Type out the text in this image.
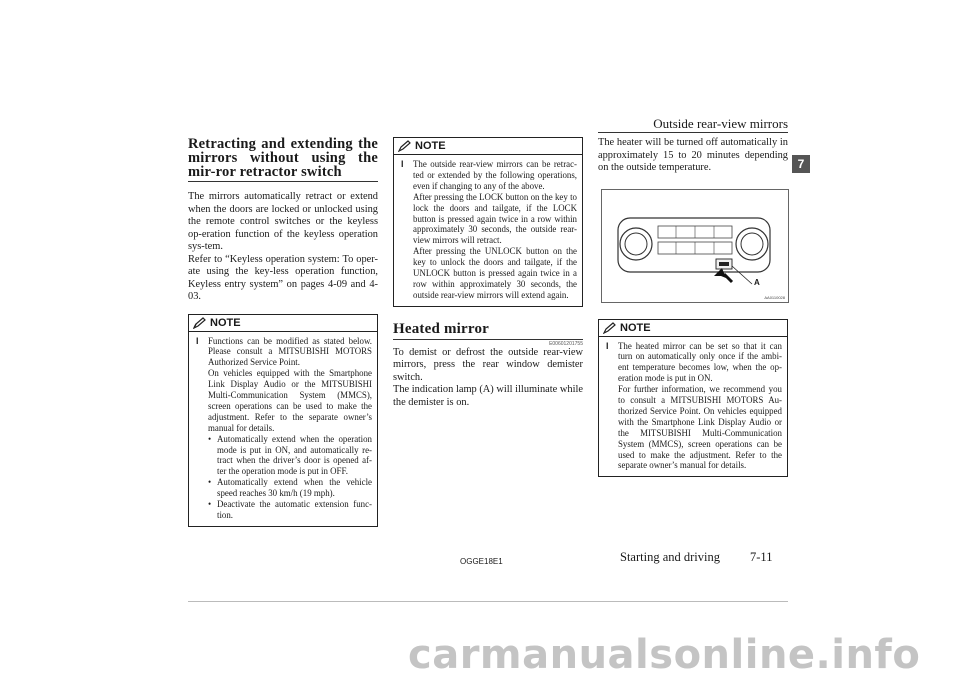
Outside rear-view mirrors
7
Retracting and extending the mirrors without using the mir-ror retractor switch

The mirrors automatically retract or extend when the doors are locked or unlocked using the remote control switches or the keyless op-eration function of the keyless operation sys-tem.

Refer to “Keyless operation system: To oper-ate using the key-less operation function, Keyless entry system” on pages 4-09 and 4-03.

NOTE
l	Functions can be modified as stated below. Please consult a MITSUBISHI MOTORS Authorized Service Point.

On vehicles equipped with the Smartphone Link Display Audio or the MITSUBISHI Multi-Communication System (MMCS), screen operations can be used to make the adjustment. Refer to the separate owner’s manual for details.

• Automatically extend when the operation mode is put in ON, and automatically re-tract when the driver’s door is opened af-ter the operation mode is put in OFF.
• Automatically extend when the vehicle speed reaches 30 km/h (19 mph).
• Deactivate the automatic extension func-tion.
NOTE
l	The outside rear-view mirrors can be retrac-ted or extended by the following operations, even if changing to any of the above.

After pressing the LOCK button on the key to lock the doors and tailgate, if the LOCK button is pressed again twice in a row within approximately 30 seconds, the outside rear-view mirrors will retract.

After pressing the UNLOCK button on the key to unlock the doors and tailgate, if the UNLOCK button is pressed again twice in a row within approximately 30 seconds, the outside rear-view mirrors will extend again.

Heated mirror
E00601201755

To demist or defrost the outside rear-view mirrors, press the rear window demister switch.

The indication lamp (A) will illuminate while the demister is on.

The heater will be turned off automatically in approximately 15 to 20 minutes depending on the outside temperature.

A
AA0110028
NOTE
l	The heated mirror can be set so that it can turn on automatically only once if the ambi-ent temperature becomes low, when the op-eration mode is put in ON.

For further information, we recommend you to consult a MITSUBISHI MOTORS Au-thorized Service Point. On vehicles equipped with the Smartphone Link Display Audio or the MITSUBISHI Multi-Communication System (MMCS), screen operations can be used to make the adjustment. Refer to the separate owner’s manual for details.

OGGE18E1	Starting and driving 7-11
carmanualsonline.info
